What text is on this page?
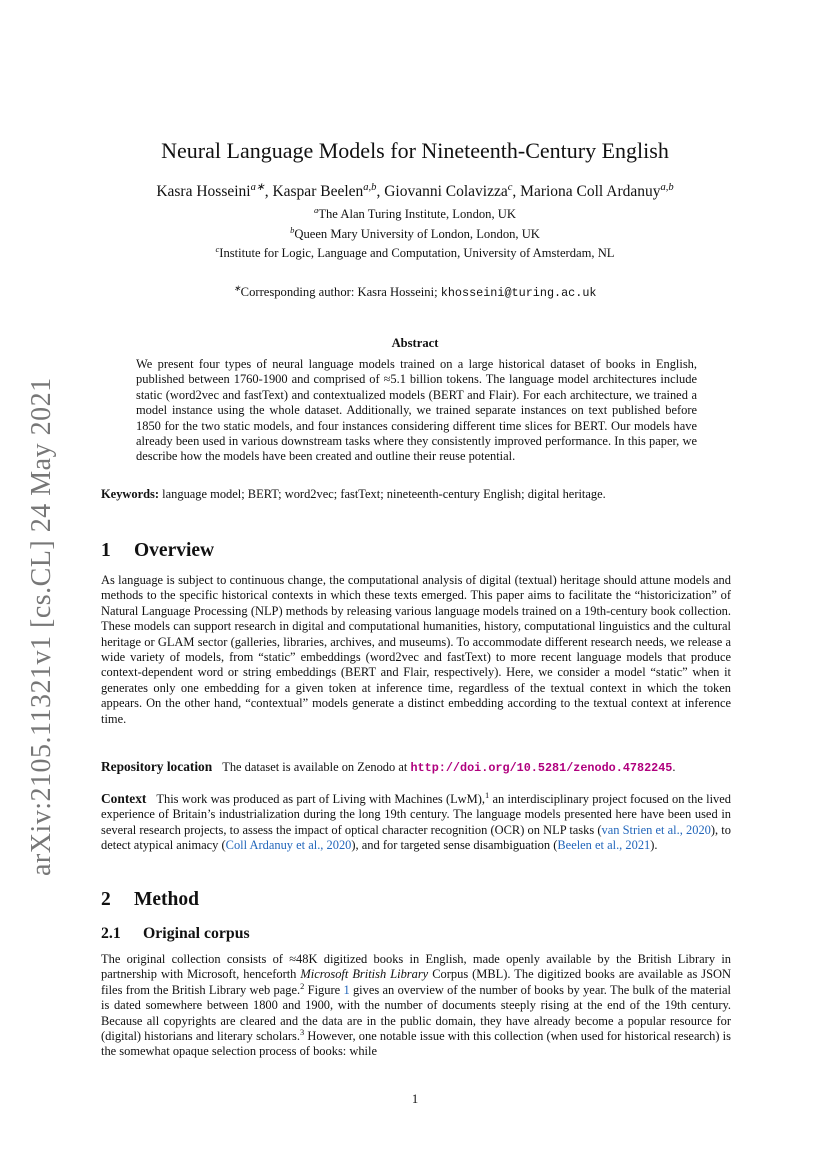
arXiv:2105.11321v1 [cs.CL] 24 May 2021
Neural Language Models for Nineteenth-Century English
Kasra Hosseini$^{a∗}$, Kaspar Beelen$^{a,b}$, Giovanni Colavizza$^c$, Mariona Coll Ardanuy$^{a,b}$
$^a$The Alan Turing Institute, London, UK
$^b$Queen Mary University of London, London, UK
$^c$Institute for Logic, Language and Computation, University of Amsterdam, NL
∗Corresponding author: Kasra Hosseini; khosseini@turing.ac.uk
Abstract
We present four types of neural language models trained on a large historical dataset of books in English, published between 1760-1900 and comprised of ≈5.1 billion tokens. The language model architectures include static (word2vec and fastText) and contextualized models (BERT and Flair). For each architecture, we trained a model instance using the whole dataset. Additionally, we trained separate instances on text published before 1850 for the two static models, and four instances considering different time slices for BERT. Our models have already been used in various downstream tasks where they consistently improved performance. In this paper, we describe how the models have been created and outline their reuse potential.
Keywords: language model; BERT; word2vec; fastText; nineteenth-century English; digital heritage.
1 Overview

As language is subject to continuous change, the computational analysis of digital (textual) heritage should attune models and methods to the specific historical contexts in which these texts emerged. This paper aims to facilitate the “historicization” of Natural Language Processing (NLP) methods by releasing various language models trained on a 19th-century book collection. These models can support research in digital and computational humanities, history, computational linguistics and the cultural heritage or GLAM sector (galleries, libraries, archives, and museums). To accommodate different research needs, we release a wide variety of models, from “static” embeddings (word2vec and fastText) to more recent language models that produce context-dependent word or string embeddings (BERT and Flair, respectively). Here, we consider a model “static” when it generates only one embedding for a given token at inference time, regardless of the textual context in which the token appears. On the other hand, “contextual” models generate a distinct embedding according to the textual context at inference time.

Repository location The dataset is available on Zenodo at http://doi.org/10.5281/zenodo.4782245.

Context This work was produced as part of Living with Machines (LwM),$^1$ an interdisciplinary project focused on the lived experience of Britain’s industrialization during the long 19th century. The language models presented here have been used in several research projects, to assess the impact of optical character recognition (OCR) on NLP tasks (van Strien et al., 2020), to detect atypical animacy (Coll Ardanuy et al., 2020), and for targeted sense disambiguation (Beelen et al., 2021).

2 Method
2.1 Original corpus

The original collection consists of ≈48K digitized books in English, made openly available by the British Library in partnership with Microsoft, henceforth Microsoft British Library Corpus (MBL). The digitized books are available as JSON files from the British Library web page.$^2$ Figure 1 gives an overview of the number of books by year. The bulk of the material is dated somewhere between 1800 and 1900, with the number of documents steeply rising at the end of the 19th century. Because all copyrights are cleared and the data are in the public domain, they have already become a popular resource for (digital) historians and literary scholars.$^3$ However, one notable issue with this collection (when used for historical research) is the somewhat opaque selection process of books: while

1
